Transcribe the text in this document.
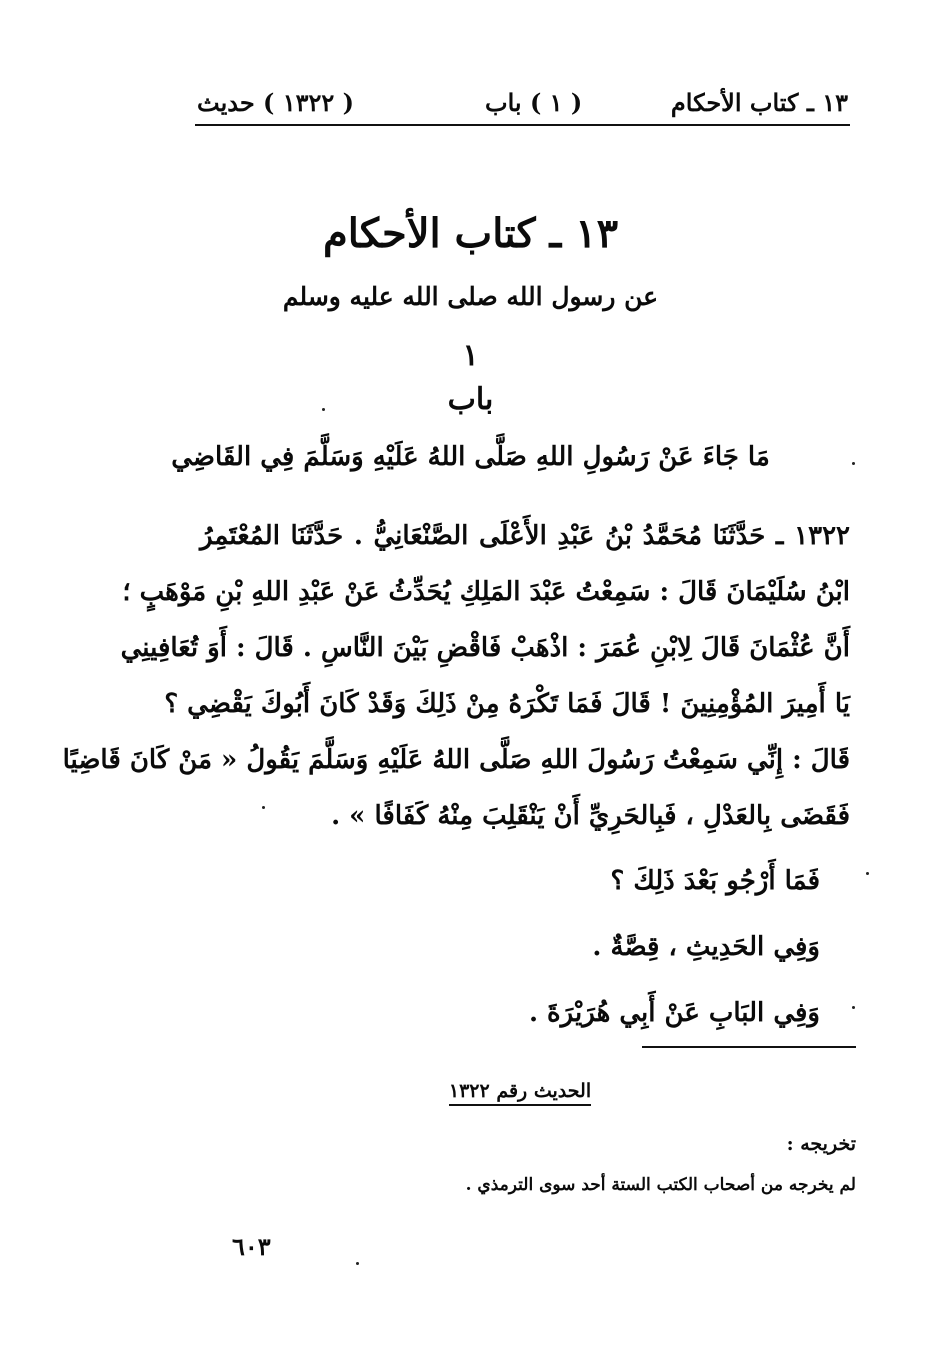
١٣ ـ كتاب الأحكام
( ١ ) باب
( ١٣٢٢ ) حديث
١٣ ـ كتاب الأحكام
عن رسول الله صلى الله عليه وسلم
١
باب
مَا جَاءَ عَنْ رَسُولِ اللهِ صَلَّى اللهُ عَلَيْهِ وَسَلَّمَ فِي القَاضِي
١٣٢٢ ـ حَدَّثَنَا مُحَمَّدُ بْنُ عَبْدِ الأَعْلَى الصَّنْعَانِيُّ . حَدَّثَنَا المُعْتَمِرُ
ابْنُ سُلَيْمَانَ قَالَ : سَمِعْتُ عَبْدَ المَلِكِ يُحَدِّثُ عَنْ عَبْدِ اللهِ بْنِ مَوْهَبٍ ؛
أَنَّ عُثْمَانَ قَالَ لِابْنِ عُمَرَ : اذْهَبْ فَاقْضِ بَيْنَ النَّاسِ . قَالَ : أَوَ تُعَافِينِي
يَا أَمِيرَ المُؤْمِنِينَ ! قَالَ فَمَا تَكْرَهُ مِنْ ذَلِكَ وَقَدْ كَانَ أَبُوكَ يَقْضِي ؟
قَالَ : إِنِّي سَمِعْتُ رَسُولَ اللهِ صَلَّى اللهُ عَلَيْهِ وَسَلَّمَ يَقُولُ « مَنْ كَانَ قَاضِيًا
فَقَضَى بِالعَدْلِ ، فَبِالحَرِيِّ أَنْ يَنْقَلِبَ مِنْهُ كَفَافًا » .
فَمَا أَرْجُو بَعْدَ ذَلِكَ ؟
وَفِي الحَدِيثِ ، قِصَّةٌ .
وَفِي البَابِ عَنْ أَبِي هُرَيْرَةَ .
الحديث رقم ١٣٢٢
تخريجه :
لم يخرجه من أصحاب الكتب الستة أحد سوى الترمذي .
٦٠٣
